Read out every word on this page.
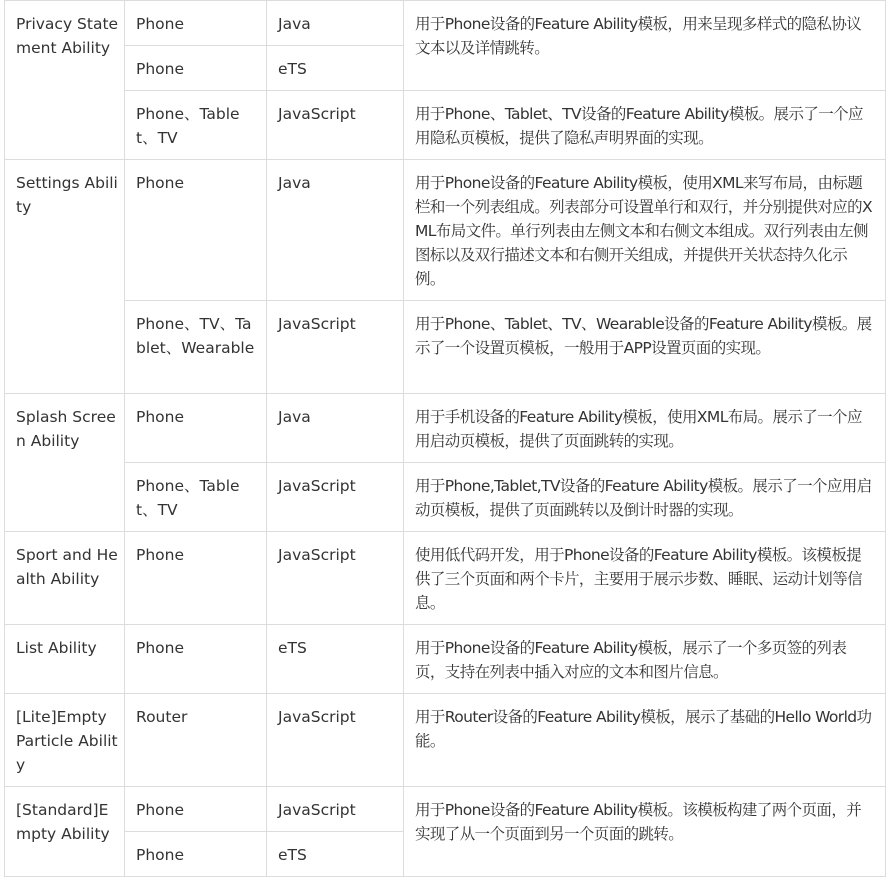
Privacy Statement Ability	Phone	Java	用于Phone设备的Feature Ability模板，用来呈现多样式的隐私协议文本以及详情跳转。
	Phone	eTS	
	Phone、Tablet、TV	JavaScript	用于Phone、Tablet、TV设备的Feature Ability模板。展示了一个应用隐私页模板，提供了隐私声明界面的实现。
Settings Ability	Phone	Java	用于Phone设备的Feature Ability模板，使用XML来写布局，由标题栏和一个列表组成。列表部分可设置单行和双行，并分别提供对应的XML布局文件。单行列表由左侧文本和右侧文本组成。双行列表由左侧图标以及双行描述文本和右侧开关组成，并提供开关状态持久化示例。
	Phone、TV、Tablet、Wearable	JavaScript	用于Phone、Tablet、TV、Wearable设备的Feature Ability模板。展示了一个设置页模板，一般用于APP设置页面的实现。
Splash Screen Ability	Phone	Java	用于手机设备的Feature Ability模板，使用XML布局。展示了一个应用启动页模板，提供了页面跳转的实现。
	Phone、Tablet、TV	JavaScript	用于Phone,Tablet,TV设备的Feature Ability模板。展示了一个应用启动页模板，提供了页面跳转以及倒计时器的实现。
Sport and Health Ability	Phone	JavaScript	使用低代码开发，用于Phone设备的Feature Ability模板。该模板提供了三个页面和两个卡片，主要用于展示步数、睡眠、运动计划等信息。
List Ability	Phone	eTS	用于Phone设备的Feature Ability模板，展示了一个多页签的列表页，支持在列表中插入对应的文本和图片信息。
[Lite]Empty Particle Ability	Router	JavaScript	用于Router设备的Feature Ability模板，展示了基础的Hello World功能。
[Standard]Empty Ability	Phone	JavaScript	用于Phone设备的Feature Ability模板。该模板构建了两个页面，并实现了从一个页面到另一个页面的跳转。
	Phone	eTS	
